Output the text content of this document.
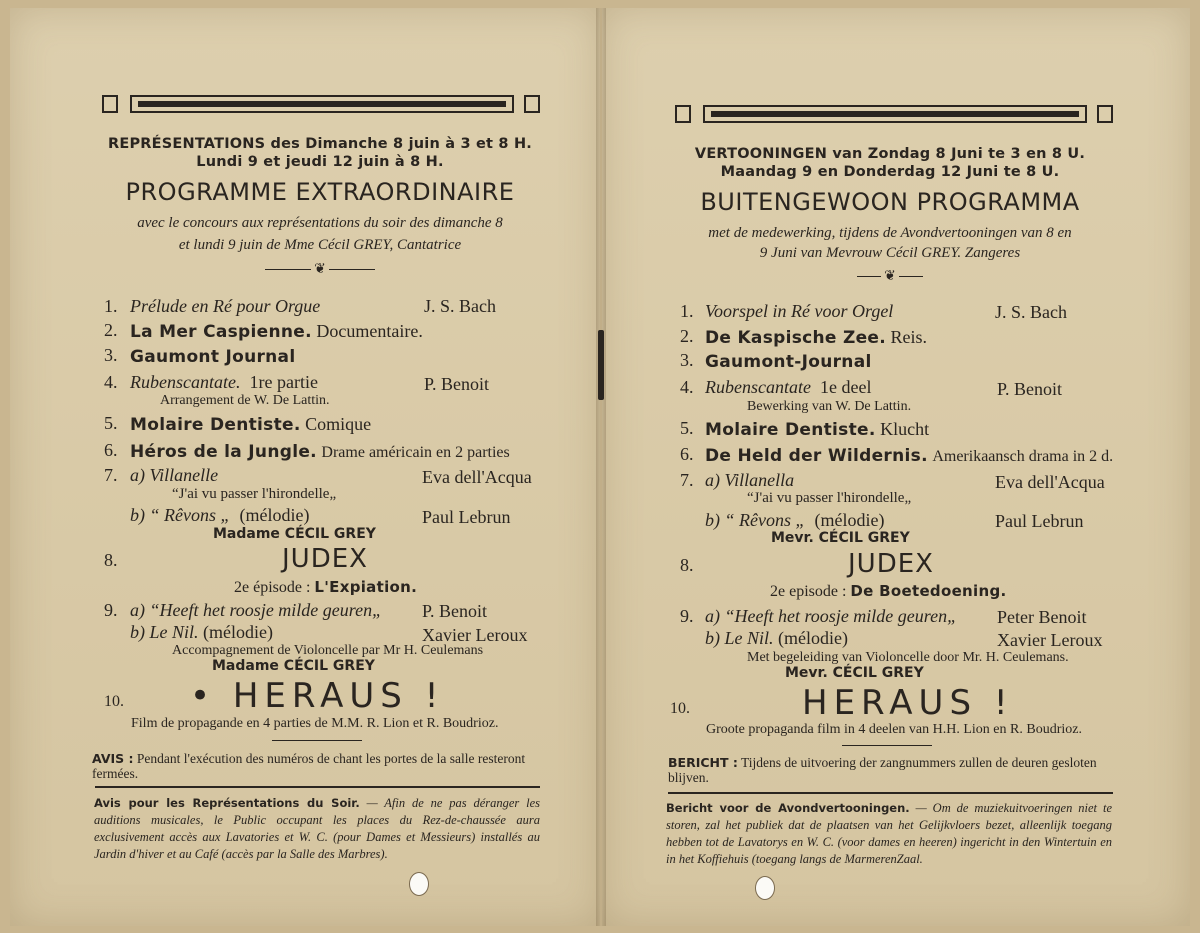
REPRÉSENTATIONS des Dimanche 8 juin à 3 et 8 H.
Lundi 9 et jeudi 12 juin à 8 H.
PROGRAMME EXTRAORDINAIRE
avec le concours aux représentations du soir des dimanche 8
et lundi 9 juin de Mme Cécil GREY, Cantatrice
❦
1. Prélude en Ré pour Orgue	J. S. Bach
2. La Mer Caspienne. Documentaire.
3. Gaumont Journal
4. Rubenscantate. 1re partie	P. Benoit
Arrangement de W. De Lattin.
5. Molaire Dentiste. Comique
6. Héros de la Jungle. Drame américain en 2 parties
7. a) Villanelle	Eva dell'Acqua
“J'ai vu passer l'hirondelle„
b) “ Rêvons „ (mélodie)	Paul Lebrun
Madame CÉCIL GREY
8.	JUDEX
2e épisode : L'Expiation.
9. a) “Heeft het roosje milde geuren„ P. Benoit
b) Le Nil. (mélodie)	Xavier Leroux
Accompagnement de Violoncelle par Mr H. Ceulemans
Madame CÉCIL GREY
10. • HERAUS !
Film de propagande en 4 parties de M.M. R. Lion et R. Boudrioz.
AVIS : Pendant l'exécution des numéros de chant les portes de la salle resteront fermées.
Avis pour les Représentations du Soir. — Afin de ne pas déranger les auditions musicales, le Public occupant les places du Rez-de-chaussée aura exclusivement accès aux Lavatories et W. C. (pour Dames et Messieurs) installés au Jardin d'hiver et au Café (accès par la Salle des Marbres).
VERTOONINGEN van Zondag 8 Juni te 3 en 8 U.
Maandag 9 en Donderdag 12 Juni te 8 U.
BUITENGEWOON PROGRAMMA
met de medewerking, tijdens de Avondvertooningen van 8 en
9 Juni van Mevrouw Cécil GREY. Zangeres
❦
1. Voorspel in Ré voor Orgel	J. S. Bach
2. De Kaspische Zee. Reis.
3. Gaumont-Journal
4. Rubenscantate 1e deel	P. Benoit
Bewerking van W. De Lattin.
5. Molaire Dentiste. Klucht
6. De Held der Wildernis. Amerikaansch drama in 2 d.
7. a) Villanella	Eva dell'Acqua
“J'ai vu passer l'hirondelle„
b) “ Rêvons „ (mélodie)	Paul Lebrun
Mevr. CÉCIL GREY
8.	JUDEX
2e episode : De Boetedoening.
9. a) “Heeft het roosje milde geuren„ Peter Benoit
b) Le Nil. (mélodie)	Xavier Leroux
Met begeleiding van Violoncelle door Mr. H. Ceulemans.
Mevr. CÉCIL GREY
10.	HERAUS !
Groote propaganda film in 4 deelen van H.H. Lion en R. Boudrioz.
BERICHT : Tijdens de uitvoering der zangnummers zullen de deuren gesloten blijven.
Bericht voor de Avondvertooningen. — Om de muziekuitvoeringen niet te storen, zal het publiek dat de plaatsen van het Gelijkvloers bezet, alleenlijk toegang hebben tot de Lavatorys en W. C. (voor dames en heeren) ingericht in den Wintertuin en in het Koffiehuis (toegang langs de MarmerenZaal.
